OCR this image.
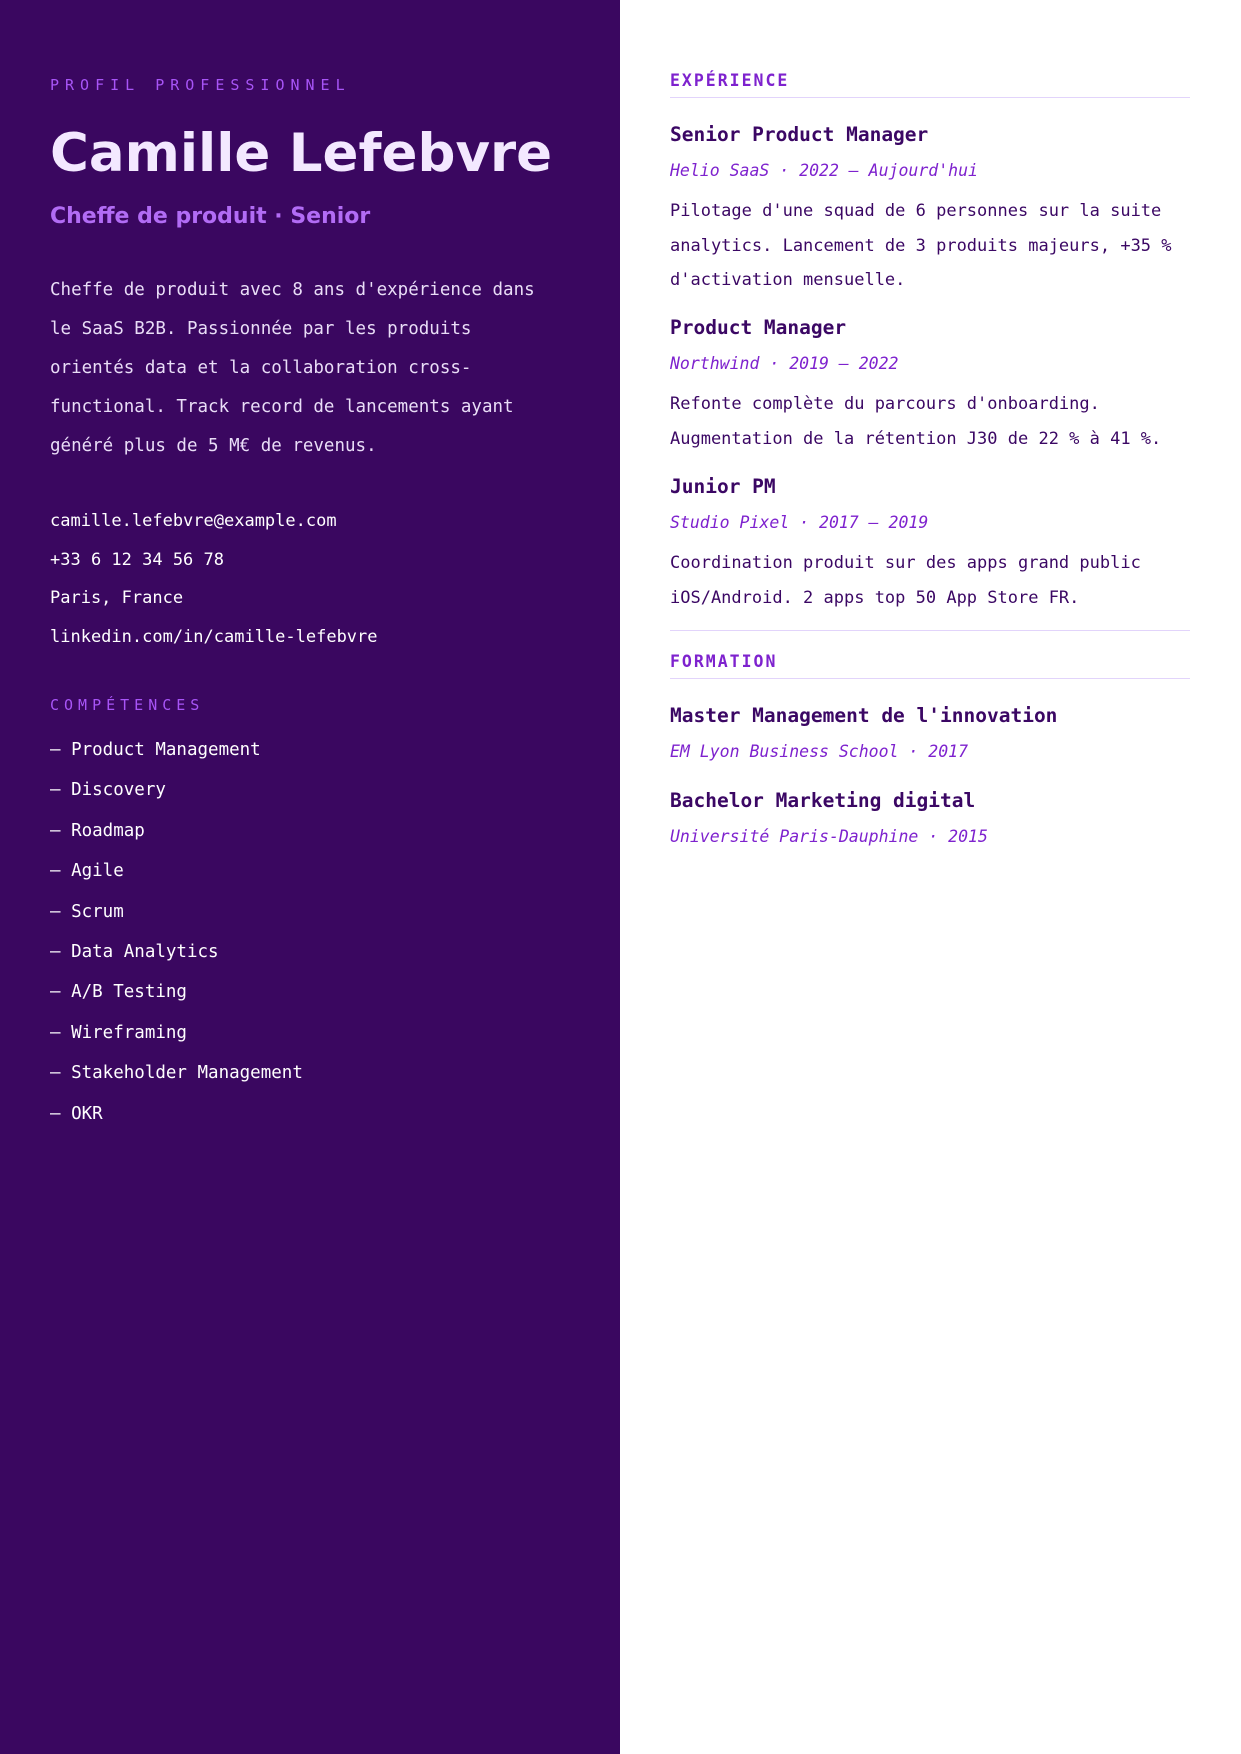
PROFIL PROFESSIONNEL

Camille Lefebvre

Cheffe de produit · Senior

Cheffe de produit avec 8 ans d'expérience dans le SaaS B2B. Passionnée par les produits orientés data et la collaboration cross-functional. Track record de lancements ayant généré plus de 5 M€ de revenus.

camille.lefebvre@example.com
+33 6 12 34 56 78
Paris, France
linkedin.com/in/camille-lefebvre

COMPÉTENCES

— Product Management
— Discovery
— Roadmap
— Agile
— Scrum
— Data Analytics
— A/B Testing
— Wireframing
— Stakeholder Management
— OKR
EXPÉRIENCE
Senior Product Manager

Helio SaaS · 2022 — Aujourd'hui

Pilotage d'une squad de 6 personnes sur la suite analytics. Lancement de 3 produits majeurs, +35 % d'activation mensuelle.

Product Manager

Northwind · 2019 — 2022

Refonte complète du parcours d'onboarding. Augmentation de la rétention J30 de 22 % à 41 %.

Junior PM

Studio Pixel · 2017 — 2019

Coordination produit sur des apps grand public iOS/Android. 2 apps top 50 App Store FR.

FORMATION
Master Management de l'innovation

EM Lyon Business School · 2017

Bachelor Marketing digital

Université Paris-Dauphine · 2015
